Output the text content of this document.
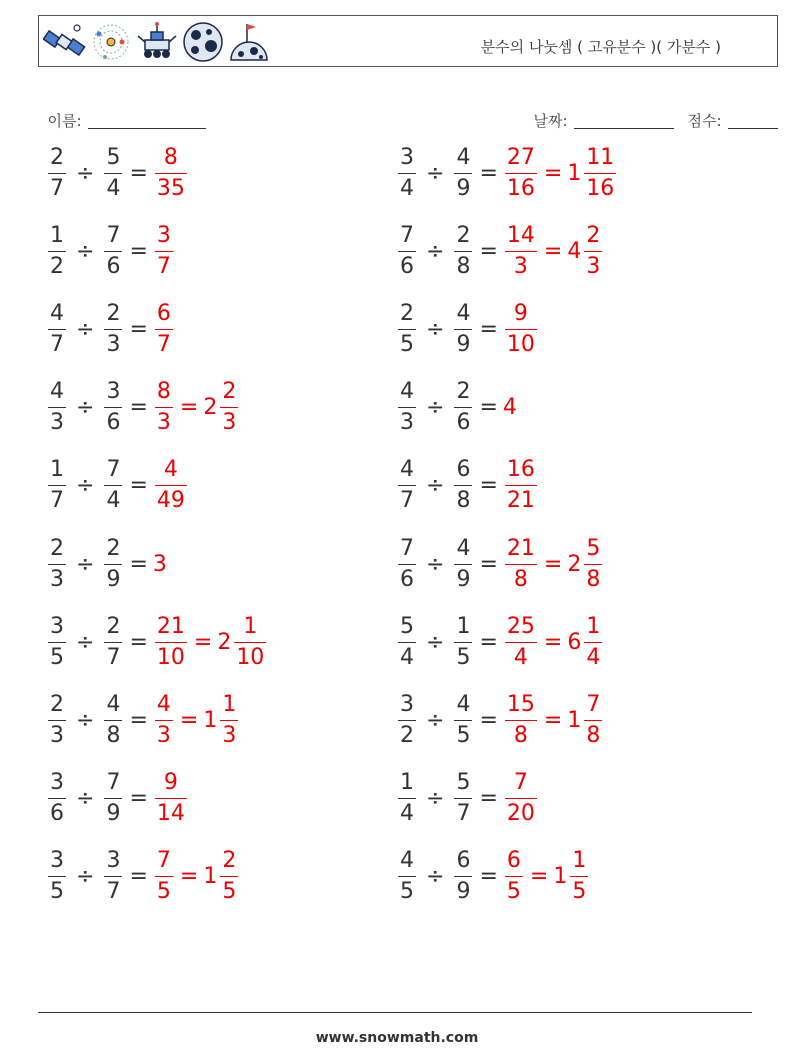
분수의 나눗셈 ( 고유분수 )( 가분수 )

이름:	날짜:	점수:

$\frac{2}{7} \div \frac{5}{4} = \frac{8}{35}$
$\frac{1}{2} \div \frac{7}{6} = \frac{3}{7}$
$\frac{4}{7} \div \frac{2}{3} = \frac{6}{7}$
$\frac{4}{3} \div \frac{3}{6} = \frac{8}{3} = 2 \frac{2}{3}$
$\frac{1}{7} \div \frac{7}{4} = \frac{4}{49}$
$\frac{2}{3} \div \frac{2}{9} = 3$
$\frac{3}{5} \div \frac{2}{7} = \frac{21}{10} = 2 \frac{1}{10}$
$\frac{2}{3} \div \frac{4}{8} = \frac{4}{3} = 1 \frac{1}{3}$
$\frac{3}{6} \div \frac{7}{9} = \frac{9}{14}$
$\frac{3}{5} \div \frac{3}{7} = \frac{7}{5} = 1 \frac{2}{5}$
$\frac{3}{4} \div \frac{4}{9} = \frac{27}{16} = 1 \frac{11}{16}$
$\frac{7}{6} \div \frac{2}{8} = \frac{14}{3} = 4 \frac{2}{3}$
$\frac{2}{5} \div \frac{4}{9} = \frac{9}{10}$
$\frac{4}{3} \div \frac{2}{6} = 4$
$\frac{4}{7} \div \frac{6}{8} = \frac{16}{21}$
$\frac{7}{6} \div \frac{4}{9} = \frac{21}{8} = 2 \frac{5}{8}$
$\frac{5}{4} \div \frac{1}{5} = \frac{25}{4} = 6 \frac{1}{4}$
$\frac{3}{2} \div \frac{4}{5} = \frac{15}{8} = 1 \frac{7}{8}$
$\frac{1}{4} \div \frac{5}{7} = \frac{7}{20}$
$\frac{4}{5} \div \frac{6}{9} = \frac{6}{5} = 1 \frac{1}{5}$
www.snowmath.com
